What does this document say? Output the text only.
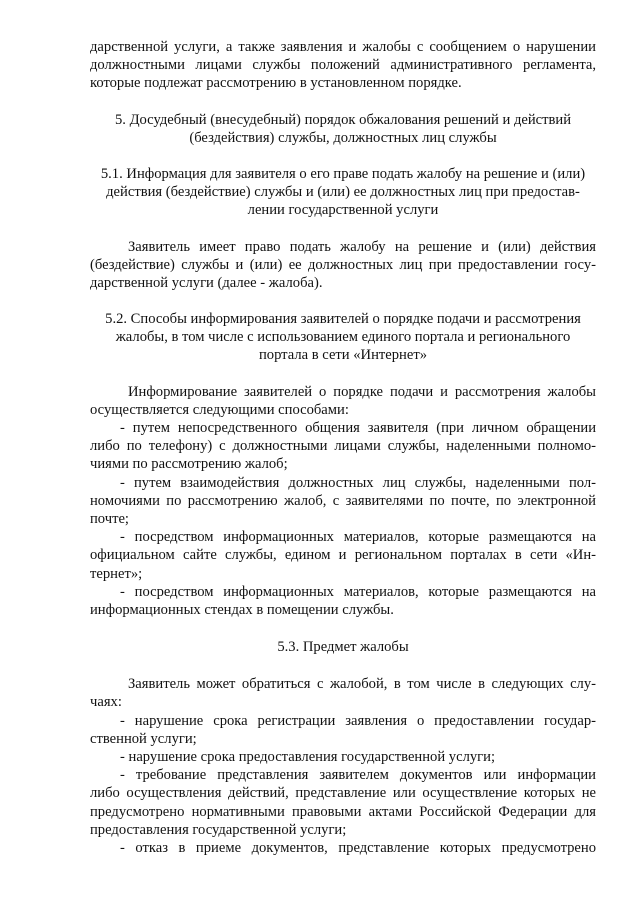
дарственной услуги, а также заявления и жалобы с сообщением о нарушении
должностными лицами службы положений административного регламента,
которые подлежат рассмотрению в установленном порядке.
5. Досудебный (внесудебный) порядок обжалования решений и действий
(бездействия) службы, должностных лиц службы
5.1. Информация для заявителя о его праве подать жалобу на решение и (или)
действия (бездействие) службы и (или) ее должностных лиц при предостав-
лении государственной услуги
Заявитель имеет право подать жалобу на решение и (или) действия
(бездействие) службы и (или) ее должностных лиц при предоставлении госу-
дарственной услуги (далее - жалоба).
5.2. Способы информирования заявителей о порядке подачи и рассмотрения
жалобы, в том числе с использованием единого портала и регионального
портала в сети «Интернет»
Информирование заявителей о порядке подачи и рассмотрения жалобы
осуществляется следующими способами:
- путем непосредственного общения заявителя (при личном обращении
либо по телефону) с должностными лицами службы, наделенными полномо-
чиями по рассмотрению жалоб;
- путем взаимодействия должностных лиц службы, наделенными пол-
номочиями по рассмотрению жалоб, с заявителями по почте, по электронной
почте;
- посредством информационных материалов, которые размещаются на
официальном сайте службы, едином и региональном порталах в сети «Ин-
тернет»;
- посредством информационных материалов, которые размещаются на
информационных стендах в помещении службы.
5.3. Предмет жалобы
Заявитель может обратиться с жалобой, в том числе в следующих слу-
чаях:
- нарушение срока регистрации заявления о предоставлении государ-
ственной услуги;
- нарушение срока предоставления государственной услуги;
- требование представления заявителем документов или информации
либо осуществления действий, представление или осуществление которых не
предусмотрено нормативными правовыми актами Российской Федерации для
предоставления государственной услуги;
- отказ в приеме документов, представление которых предусмотрено
